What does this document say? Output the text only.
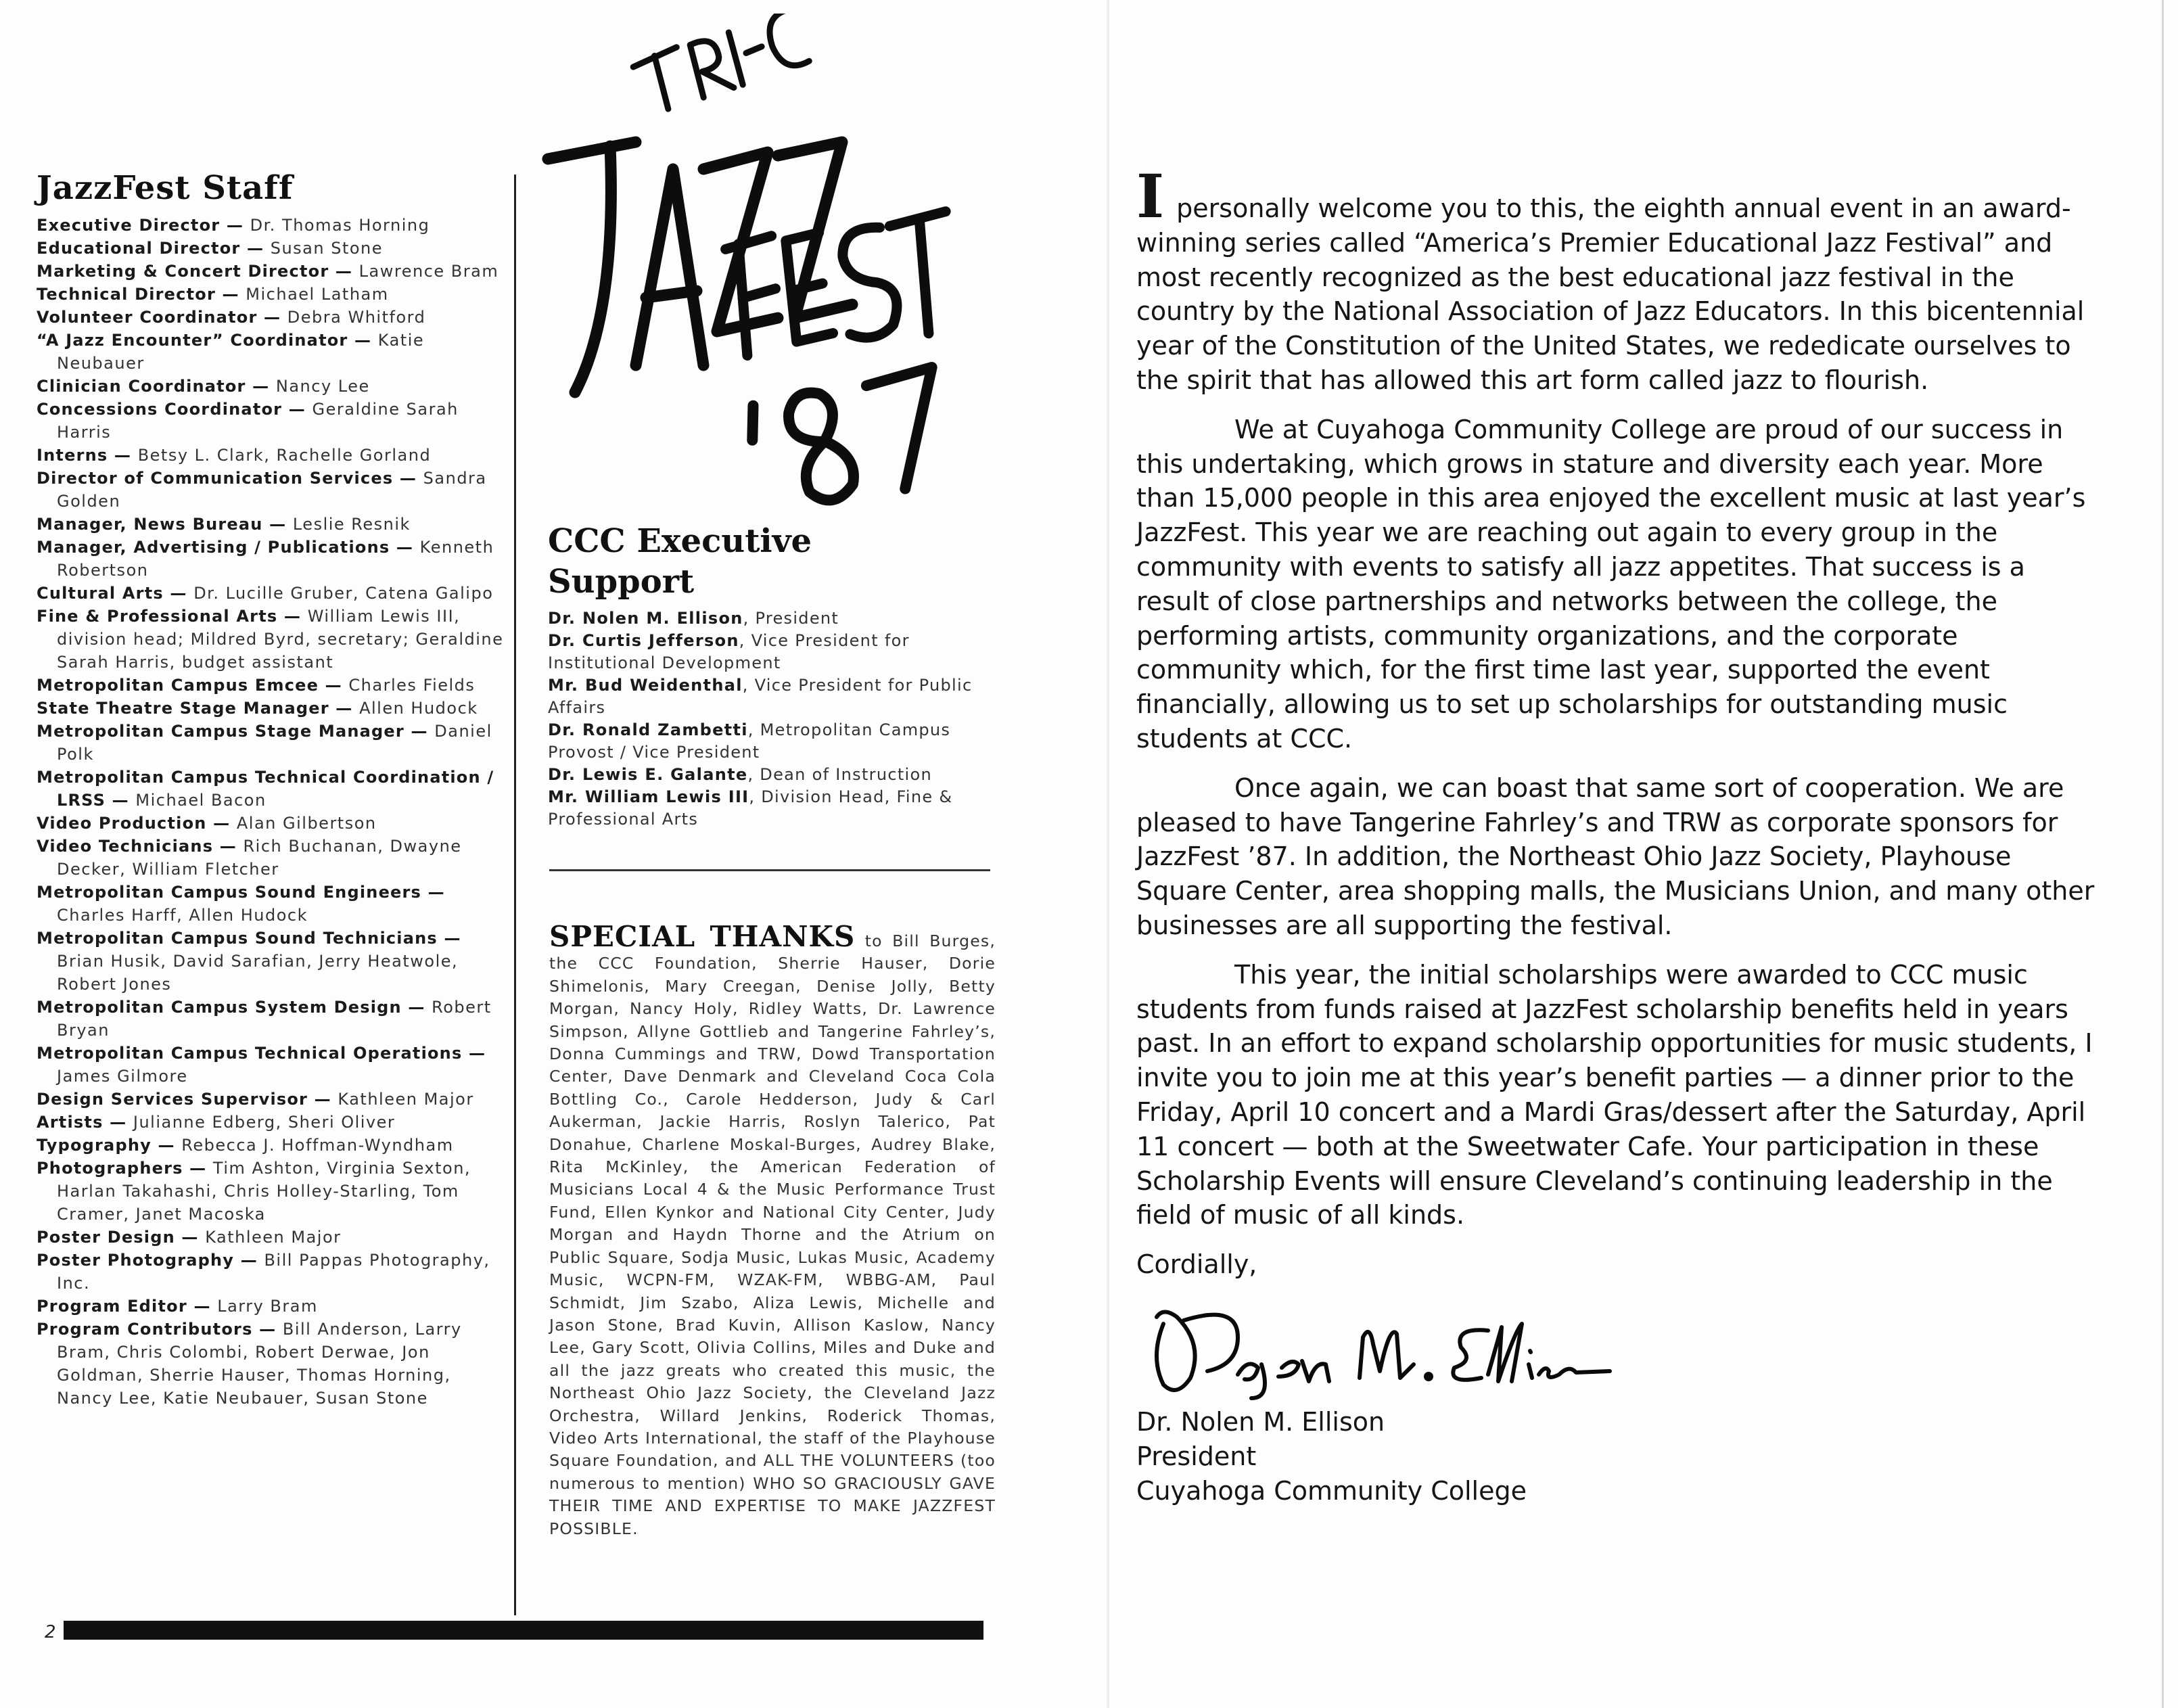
JazzFest Staff
Executive Director — Dr. Thomas Horning
Educational Director — Susan Stone
Marketing & Concert Director — Lawrence Bram
Technical Director — Michael Latham
Volunteer Coordinator — Debra Whitford
“A Jazz Encounter” Coordinator — Katie Neubauer
Clinician Coordinator — Nancy Lee
Concessions Coordinator — Geraldine Sarah Harris
Interns — Betsy L. Clark, Rachelle Gorland
Director of Communication Services — Sandra Golden
Manager, News Bureau — Leslie Resnik
Manager, Advertising / Publications — Kenneth Robertson
Cultural Arts — Dr. Lucille Gruber, Catena Galipo
Fine & Professional Arts — William Lewis III, division head; Mildred Byrd, secretary; Geraldine Sarah Harris, budget assistant
Metropolitan Campus Emcee — Charles Fields
State Theatre Stage Manager — Allen Hudock
Metropolitan Campus Stage Manager — Daniel Polk
Metropolitan Campus Technical Coordination / LRSS — Michael Bacon
Video Production — Alan Gilbertson
Video Technicians — Rich Buchanan, Dwayne Decker, William Fletcher
Metropolitan Campus Sound Engineers — Charles Harff, Allen Hudock
Metropolitan Campus Sound Technicians — Brian Husik, David Sarafian, Jerry Heatwole, Robert Jones
Metropolitan Campus System Design — Robert Bryan
Metropolitan Campus Technical Operations — James Gilmore
Design Services Supervisor — Kathleen Major
Artists — Julianne Edberg, Sheri Oliver
Typography — Rebecca J. Hoffman-Wyndham
Photographers — Tim Ashton, Virginia Sexton, Harlan Takahashi, Chris Holley-Starling, Tom Cramer, Janet Macoska
Poster Design — Kathleen Major
Poster Photography — Bill Pappas Photography, Inc.
Program Editor — Larry Bram
Program Contributors — Bill Anderson, Larry Bram, Chris Colombi, Robert Derwae, Jon Goldman, Sherrie Hauser, Thomas Horning, Nancy Lee, Katie Neubauer, Susan Stone
CCC Executive
Support
Dr. Nolen M. Ellison, President
Dr. Curtis Jefferson, Vice President for Institutional Development
Mr. Bud Weidenthal, Vice President for Public Affairs
Dr. Ronald Zambetti, Metropolitan Campus Provost / Vice President
Dr. Lewis E. Galante, Dean of Instruction
Mr. William Lewis III, Division Head, Fine & Professional Arts
SPECIAL THANKS to Bill Burges, the CCC Foundation, Sherrie Hauser, Dorie Shimelonis, Mary Creegan, Denise Jolly, Betty Morgan, Nancy Holy, Ridley Watts, Dr. Lawrence Simpson, Allyne Gottlieb and Tangerine Fahrley’s, Donna Cummings and TRW, Dowd Transportation Center, Dave Denmark and Cleveland Coca Cola Bottling Co., Carole Hedderson, Judy & Carl Aukerman, Jackie Harris, Roslyn Talerico, Pat Donahue, Charlene Moskal-Burges, Audrey Blake, Rita McKinley, the American Federation of Musicians Local 4 & the Music Performance Trust Fund, Ellen Kynkor and National City Center, Judy Morgan and Haydn Thorne and the Atrium on Public Square, Sodja Music, Lukas Music, Academy Music, WCPN-FM, WZAK-FM, WBBG-AM, Paul Schmidt, Jim Szabo, Aliza Lewis, Michelle and Jason Stone, Brad Kuvin, Allison Kaslow, Nancy Lee, Gary Scott, Olivia Collins, Miles and Duke and all the jazz greats who created this music, the Northeast Ohio Jazz Society, the Cleveland Jazz Orchestra, Willard Jenkins, Roderick Thomas, Video Arts International, the staff of the Playhouse Square Foundation, and ALL THE VOLUNTEERS (too numerous to mention) WHO SO GRACIOUSLY GAVE THEIR TIME AND EXPERTISE TO MAKE JAZZFEST POSSIBLE.
2

Ipersonally welcome you to this, the eighth annual event in an award-winning series called “America’s Premier Educational Jazz Festival” and most recently recognized as the best educational jazz festival in the country by the National Association of Jazz Educators. In this bicentennial year of the Constitution of the United States, we rededicate ourselves to the spirit that has allowed this art form called jazz to flourish.

We at Cuyahoga Community College are proud of our success in this undertaking, which grows in stature and diversity each year. More than 15,000 people in this area enjoyed the excellent music at last year’s JazzFest. This year we are reaching out again to every group in the community with events to satisfy all jazz appetites. That success is a result of close partnerships and networks between the college, the performing artists, community organizations, and the corporate community which, for the first time last year, supported the event financially, allowing us to set up scholarships for outstanding music students at CCC.

Once again, we can boast that same sort of cooperation. We are pleased to have Tangerine Fahrley’s and TRW as corporate sponsors for JazzFest ’87. In addition, the Northeast Ohio Jazz Society, Playhouse Square Center, area shopping malls, the Musicians Union, and many other businesses are all supporting the festival.

This year, the initial scholarships were awarded to CCC music students from funds raised at JazzFest scholarship benefits held in years past. In an effort to expand scholarship opportunities for music students, I invite you to join me at this year’s benefit parties — a dinner prior to the Friday, April 10 concert and a Mardi Gras/dessert after the Saturday, April 11 concert — both at the Sweetwater Cafe. Your participation in these Scholarship Events will ensure Cleveland’s continuing leadership in the field of music of all kinds.

Cordially,

Dr. Nolen M. Ellison
President
Cuyahoga Community College
